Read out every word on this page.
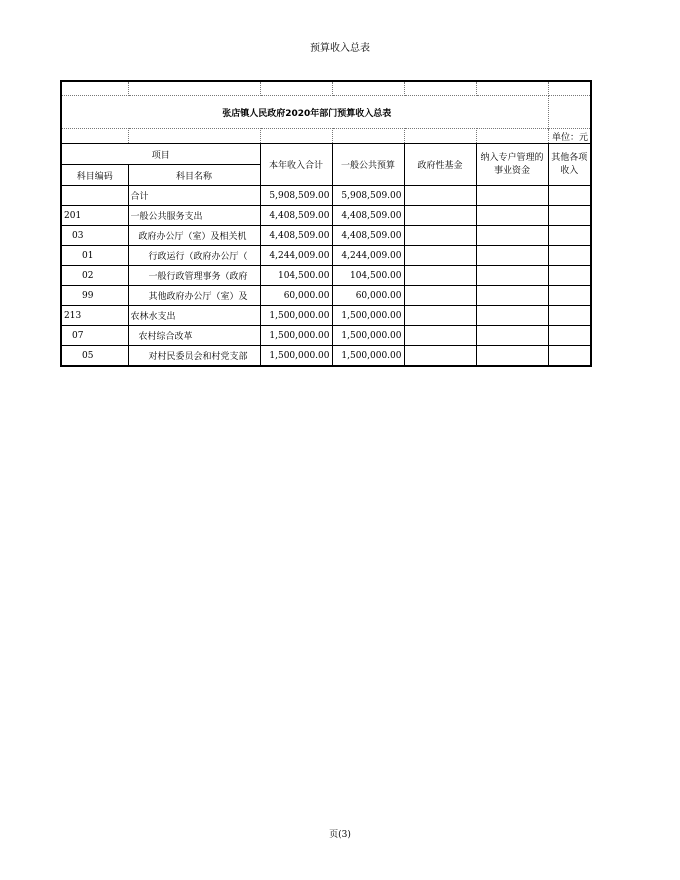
预算收入总表

张店镇人民政府2020年部门预算收入总表						
						单位：元
项目		本年收入合计	一般公共预算	政府性基金	纳入专户管理的事业资金	其他各项收入
科目编码	科目名称					
	合计	5,908,509.00	5,908,509.00			
201	一般公共服务支出	4,408,509.00	4,408,509.00			
03	政府办公厅（室）及相关机	4,408,509.00	4,408,509.00			
01	行政运行（政府办公厅（	4,244,009.00	4,244,009.00			
02	一般行政管理事务（政府	104,500.00	104,500.00			
99	其他政府办公厅（室）及	60,000.00	60,000.00			
213	农林水支出	1,500,000.00	1,500,000.00			
07	农村综合改革	1,500,000.00	1,500,000.00			
05	对村民委员会和村党支部	1,500,000.00	1,500,000.00			
页(3)
